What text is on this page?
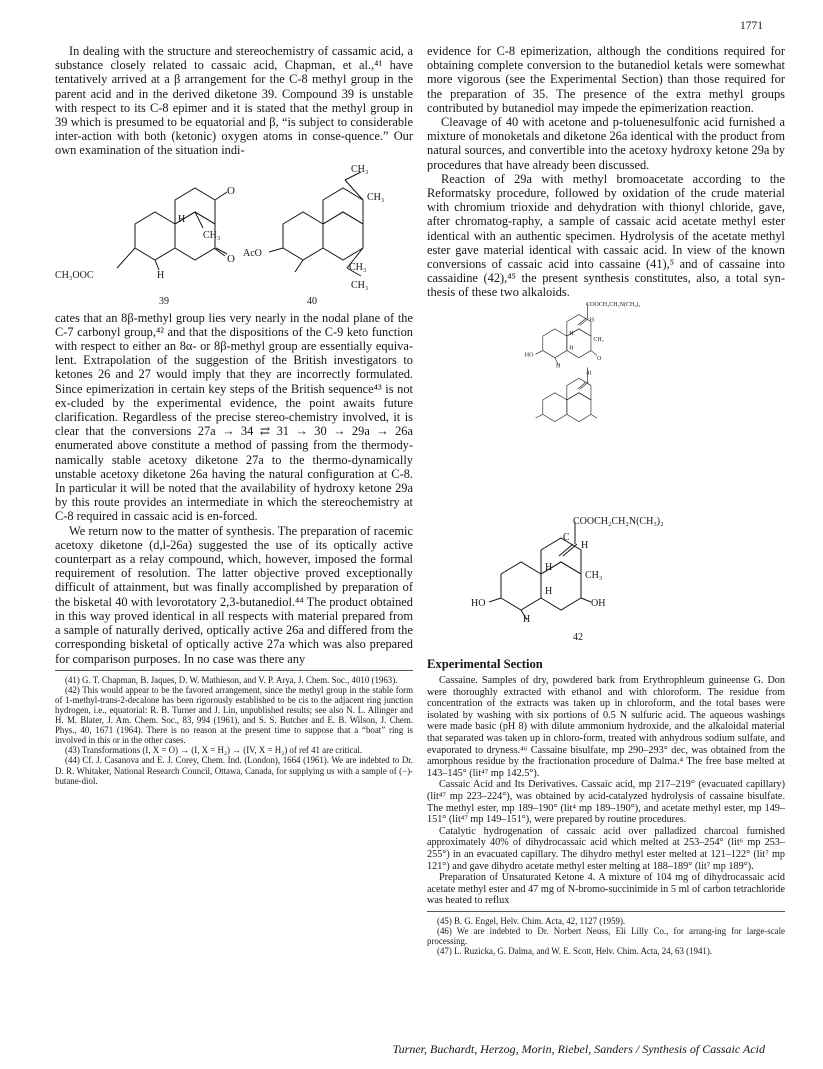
1771

In dealing with the structure and stereochemistry of cassamic acid, a substance closely related to cassaic acid, Chapman, et al.,⁴¹ have tentatively arrived at a β arrangement for the C-8 methyl group in the parent acid and in the derived diketone 39. Compound 39 is unstable with respect to its C-8 epimer and it is stated that the methyl group in 39 which is presumed to be equatorial and β, “is subject to considerable inter-action with both (ketonic) oxygen atoms in conse-quence.” Our own examination of the situation indi-

O
O
CH₃
H
H
CH₃OOC
39
CH₃
CH₃
CH₃
CH₃
AcO
40

cates that an 8β-methyl group lies very nearly in the nodal plane of the C-7 carbonyl group,⁴² and that the dispositions of the C-9 keto function with respect to either an 8α- or 8β-methyl group are essentially equiva-lent. Extrapolation of the suggestion of the British investigators to ketones 26 and 27 would imply that they are incorrectly formulated. Since epimerization in certain key steps of the British sequence⁴³ is not ex-cluded by the experimental evidence, the point awaits future clarification. Regardless of the precise stereo-chemistry involved, it is clear that the conversions 27a → 34 ⇄ 31 → 30 → 29a → 26a enumerated above constitute a method of passing from the thermody-namically stable acetoxy diketone 27a to the thermo-dynamically unstable acetoxy diketone 26a having the natural configuration at C-8. In particular it will be noted that the availability of hydroxy ketone 29a by this route provides an intermediate in which the stereochemistry at C-8 required in cassaic acid is en-forced.

We return now to the matter of synthesis. The preparation of racemic acetoxy diketone (d,l-26a) suggested the use of its optically active counterpart as a relay compound, which, however, imposed the formal requirement of resolution. The latter objective proved exceptionally difficult of attainment, but was finally accomplished by preparation of the bisketal 40 with levorotatory 2,3-butanediol.⁴⁴ The product obtained in this way proved identical in all respects with material prepared from a sample of naturally derived, optically active 26a and differed from the corresponding bisketal of optically active 27a which was also prepared for comparison purposes. In no case was there any

(41) G. T. Chapman, B. Jaques, D. W. Mathieson, and V. P. Arya, J. Chem. Soc., 4010 (1963).

(42) This would appear to be the favored arrangement, since the methyl group in the stable form of 1-methyl-trans-2-decalone has been rigorously established to be cis to the adjacent ring junction hydrogen, i.e., equatorial: R. B. Turner and J. Lin, unpublished results; see also N. L. Allinger and H. M. Blater, J. Am. Chem. Soc., 83, 994 (1961), and S. S. Butcher and E. B. Wilson, J. Chem. Phys., 40, 1671 (1964). There is no reason at the present time to suppose that a “boat” ring is involved in this or in the other cases.

(43) Transformations (I, X = O) → (I, X = H₂) → (IV, X = H₂) of ref 41 are critical.

(44) Cf. J. Casanova and E. J. Corey, Chem. Ind. (London), 1664 (1961). We are indebted to Dr. D. R. Whitaker, National Research Council, Ottawa, Canada, for supplying us with a sample of (−)-butane-diol.

evidence for C-8 epimerization, although the conditions required for obtaining complete conversion to the butanediol ketals were somewhat more vigorous (see the Experimental Section) than those required for the preparation of 35. The presence of the extra methyl groups contributed by butanediol may impede the epimerization reaction.

Cleavage of 40 with acetone and p-toluenesulfonic acid furnished a mixture of monoketals and diketone 26a identical with the product from natural sources, and convertible into the acetoxy hydroxy ketone 29a by procedures that have already been discussed.

Reaction of 29a with methyl bromoacetate according to the Reformatsky procedure, followed by oxidation of the crude material with chromium trioxide and dehydration with thionyl chloride, gave, after chromatog-raphy, a sample of cassaic acid acetate methyl ester identical with an authentic specimen. Hydrolysis of the acetate methyl ester gave material identical with cassaic acid. In view of the known conversions of cassaic acid into cassaine (41),⁵ and of cassaine into cassaidine (42),⁴⁵ the present synthesis constitutes, also, a total syn-thesis of these two alkaloids.

COOCH₂CH₂N(CH₃)₂
H
CH₃
H
H
H
O
HO
41
COOCH₂CH₂N(CH₃)₂
C
H
CH₃
H
H
H
OH
HO
42
Experimental Section

Cassaine. Samples of dry, powdered bark from Erythrophleum guineense G. Don were thoroughly extracted with ethanol and with chloroform. The residue from concentration of the extracts was taken up in chloroform, and the total bases were isolated by washing with six portions of 0.5 N sulfuric acid. The aqueous washings were made basic (pH 8) with dilute ammonium hydroxide, and the alkaloidal material that separated was taken up in chloro-form, treated with anhydrous sodium sulfate, and evaporated to dryness.⁴⁶ Cassaine bisulfate, mp 290–293° dec, was obtained from the amorphous residue by the fractionation procedure of Dalma.⁴ The free base melted at 143–145° (lit⁴⁷ mp 142.5°).

Cassaic Acid and Its Derivatives. Cassaic acid, mp 217–219° (evacuated capillary) (lit⁴⁷ mp 223–224°), was obtained by acid-catalyzed hydrolysis of cassaine bisulfate. The methyl ester, mp 189–190° (lit⁴ mp 189–190°), and acetate methyl ester, mp 149–151° (lit⁴⁷ mp 149–151°), were prepared by routine procedures.

Catalytic hydrogenation of cassaic acid over palladized charcoal furnished approximately 40% of dihydrocassaic acid which melted at 253–254° (lit⁶ mp 253–255°) in an evacuated capillary. The dihydro methyl ester melted at 121–122° (lit⁷ mp 121°) and gave dihydro acetate methyl ester melting at 188–189° (lit⁷ mp 189°).

Preparation of Unsaturated Ketone 4. A mixture of 104 mg of dihydrocassaic acid acetate methyl ester and 47 mg of N-bromo-succinimide in 5 ml of carbon tetrachloride was heated to reflux

(45) B. G. Engel, Helv. Chim. Acta, 42, 1127 (1959).

(46) We are indebted to Dr. Norbert Neuss, Eli Lilly Co., for arrang-ing for large-scale processing.

(47) L. Ruzicka, G. Dalma, and W. E. Scott, Helv. Chim. Acta, 24, 63 (1941).

Turner, Buchardt, Herzog, Morin, Riebel, Sanders / Synthesis of Cassaic Acid
